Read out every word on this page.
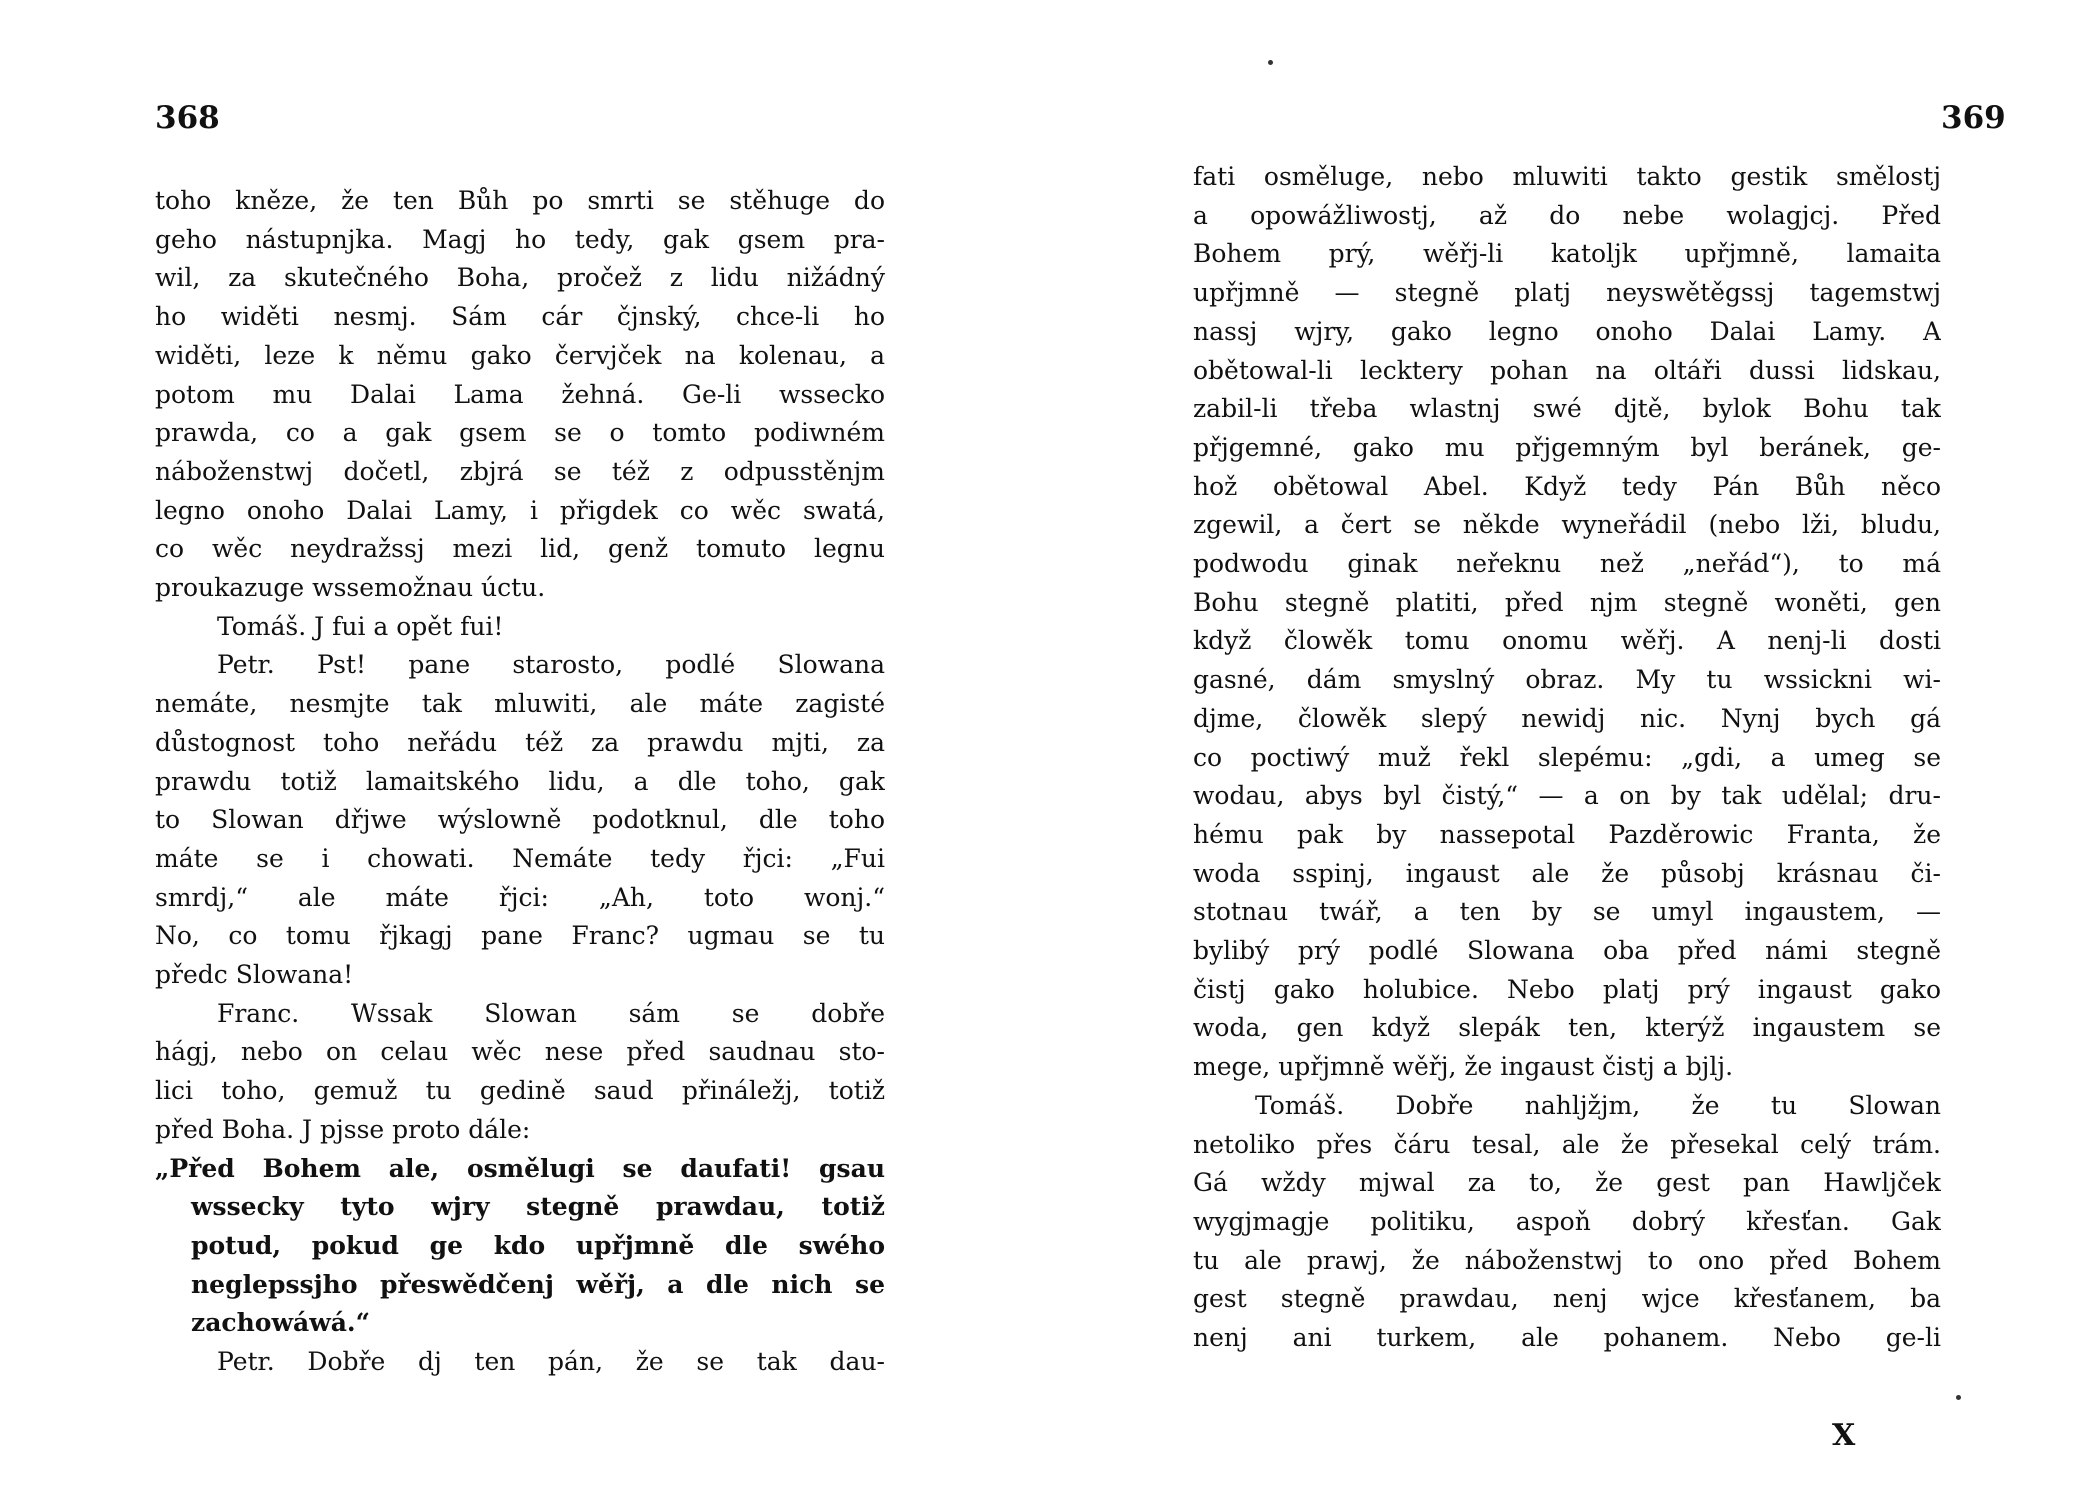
368
toho kněze, že ten Bůh po smrti se stěhuge do
geho nástupnjka. Magj ho tedy, gak gsem pra-
wil, za skutečného Boha, pročež z lidu nižádný
ho widěti nesmj. Sám cár čjnský, chce-li ho
widěti, leze k němu gako červjček na kolenau, a
potom mu Dalai Lama žehná. Ge-li wssecko
prawda, co a gak gsem se o tomto podiwném
náboženstwj dočetl, zbjrá se též z odpusstěnjm
legno onoho Dalai Lamy, i přigdek co wěc swatá,
co wěc neydražssj mezi lid, genž tomuto legnu
proukazuge wssemožnau úctu.
Tomáš. J fui a opět fui!
Petr. Pst! pane starosto, podlé Slowana
nemáte, nesmjte tak mluwiti, ale máte zagisté
důstognost toho neřádu též za prawdu mjti, za
prawdu totiž lamaitského lidu, a dle toho, gak
to Slowan dřjwe wýslowně podotknul, dle toho
máte se i chowati. Nemáte tedy řjci: „Fui
smrdj,“ ale máte řjci: „Ah, toto wonj.“
No, co tomu řjkagj pane Franc? ugmau se tu
předc Slowana!
Franc. Wssak Slowan sám se dobře
hágj, nebo on celau wěc nese před saudnau sto-
lici toho, gemuž tu gedině saud přináležj, totiž
před Boha. J pjsse proto dále:
„Před Bohem ale, osmělugi se daufati! gsau
wssecky tyto wjry stegně prawdau, totiž
potud, pokud ge kdo upřjmně dle swého
neglepssjho přeswědčenj wěřj, a dle nich se
zachowáwá.“
Petr. Dobře dj ten pán, že se tak dau-
369
fati osměluge, nebo mluwiti takto gestik smělostj
a opowážliwostj, až do nebe wolagjcj. Před
Bohem prý, wěřj-li katoljk upřjmně, lamaita
upřjmně — stegně platj neyswětěgssj tagemstwj
nassj wjry, gako legno onoho Dalai Lamy. A
obětowal-li lecktery pohan na oltáři dussi lidskau,
zabil-li třeba wlastnj swé djtě, bylok Bohu tak
přjgemné, gako mu přjgemným byl beránek, ge-
hož obětowal Abel. Když tedy Pán Bůh něco
zgewil, a čert se někde wyneřádil (nebo lži, bludu,
podwodu ginak neřeknu než „neřád“), to má
Bohu stegně platiti, před njm stegně woněti, gen
když člowěk tomu onomu wěřj. A nenj-li dosti
gasné, dám smyslný obraz. My tu wssickni wi-
djme, člowěk slepý newidj nic. Nynj bych gá
co poctiwý muž řekl slepému: „gdi, a umeg se
wodau, abys byl čistý,“ — a on by tak udělal; dru-
hému pak by nassepotal Pazděrowic Franta, že
woda sspinj, ingaust ale že působj krásnau či-
stotnau twář, a ten by se umyl ingaustem, —
bylibý prý podlé Slowana oba před námi stegně
čistj gako holubice. Nebo platj prý ingaust gako
woda, gen když slepák ten, kterýž ingaustem se
mege, upřjmně wěřj, že ingaust čistj a bjlj.
Tomáš. Dobře nahljžjm, že tu Slowan
netoliko přes čáru tesal, ale že přesekal celý trám.
Gá wždy mjwal za to, že gest pan Hawljček
wygjmagje politiku, aspoň dobrý křesťan. Gak
tu ale prawj, že náboženstwj to ono před Bohem
gest stegně prawdau, nenj wjce křesťanem, ba
nenj ani turkem, ale pohanem. Nebo ge-li
X
